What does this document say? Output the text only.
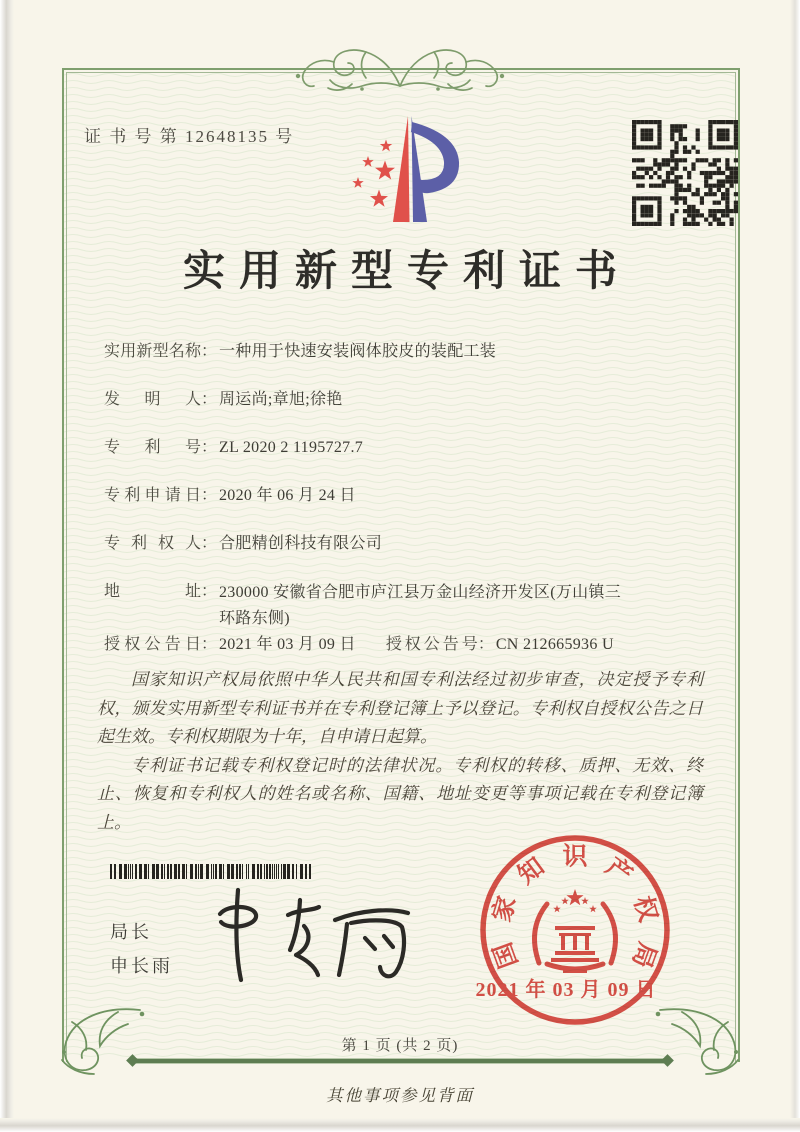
证 书 号 第 12648135 号
实用新型专利证书
实用新型名称 ： 一种用于快速安装阀体胶皮的装配工装
发明人 ： 周运尚;章旭;徐艳
专利号 ： ZL 2020 2 1195727.7
专利申请日 ： 2020 年 06 月 24 日
专利权人 ： 合肥精创科技有限公司
地址 ： 230000 安徽省合肥市庐江县万金山经济开发区(万山镇三
环路东侧)
授权公告日 ： 2021 年 03 月 09 日 授权公告号 ： CN 212665936 U

国家知识产权局依照中华人民共和国专利法经过初步审查，决定授予专利权，颁发实用新型专利证书并在专利登记簿上予以登记。专利权自授权公告之日起生效。专利权期限为十年，自申请日起算。

专利证书记载专利权登记时的法律状况。专利权的转移、质押、无效、终止、恢复和专利权人的姓名或名称、国籍、地址变更等事项记载在专利登记簿上。

局长
申长雨	国
家
知 识 产
权
局
2021 年 03 月 09 日
第 1 页 (共 2 页)
其他事项参见背面
